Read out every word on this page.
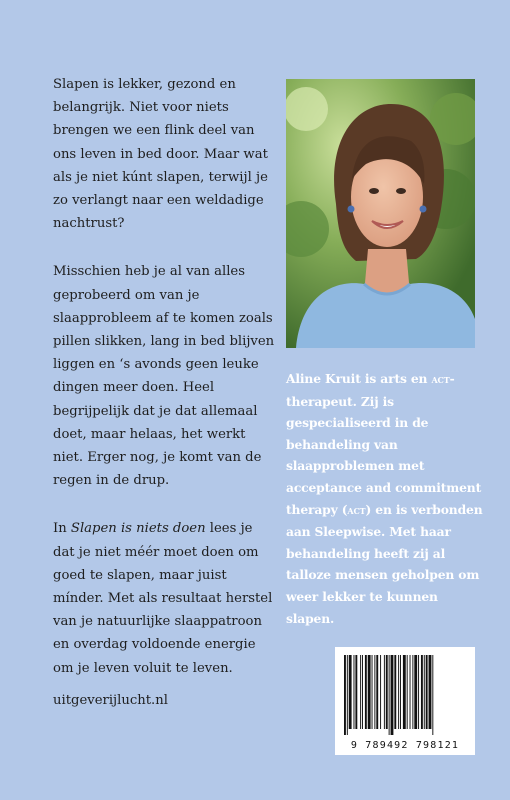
Slapen is lekker, gezond en belangrijk. Niet voor niets brengen we een flink deel van ons leven in bed door. Maar wat als je niet kúnt slapen, terwijl je zo verlangt naar een weldadige nachtrust?

Misschien heb je al van alles geprobeerd om van je slaapprobleem af te komen zoals pillen slikken, lang in bed blijven liggen en ‘s avonds geen leuke dingen meer doen. Heel begrijpelijk dat je dat allemaal doet, maar helaas, het werkt niet. Erger nog, je komt van de regen in de drup.

In Slapen is niets doen lees je dat je niet méér moet doen om goed te slapen, maar juist mínder. Met als resultaat herstel van je natuurlijke slaappatroon en overdag voldoende energie om je leven voluit te leven.

Aline Kruit is arts en act-therapeut. Zij is gespecialiseerd in de behandeling van slaapproblemen met acceptance and commitment therapy (act) en is verbonden aan Sleepwise. Met haar behandeling heeft zij al talloze mensen geholpen om weer lekker te kunnen slapen.
uitgeverijlucht.nl
9 789492 798121
